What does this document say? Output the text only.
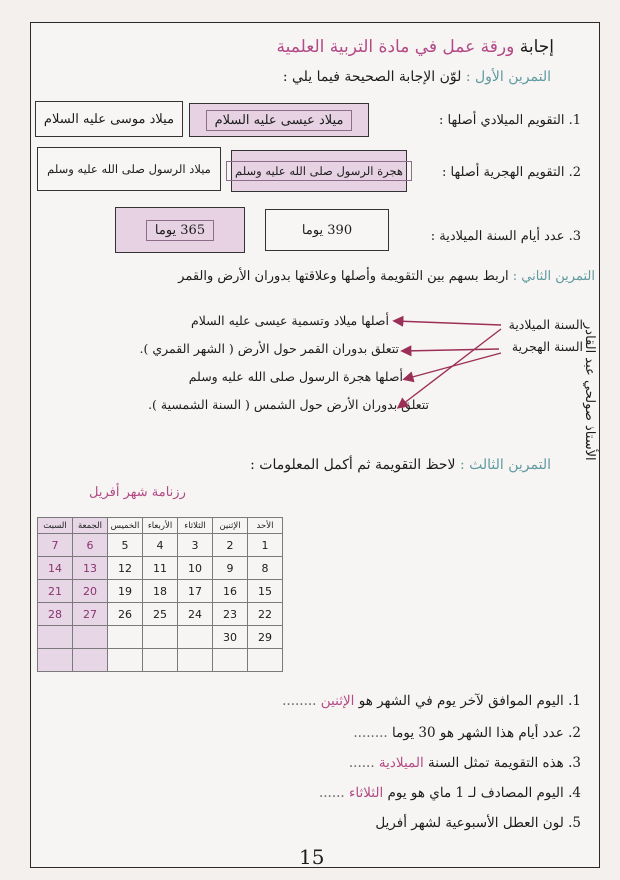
إجابة ورقة عمل في مادة التربية العلمية
التمرين الأول : لوّن الإجابة الصحيحة فيما يلي :
1. التقويم الميلادي أصلها :
ميلاد عيسى عليه السلام
ميلاد موسى عليه السلام
2. التقويم الهجرية أصلها :
هجرة الرسول صلى الله عليه وسلم
ميلاد الرسول صلى الله عليه وسلم
3. عدد أيام السنة الميلادية :
390 يوما
365 يوما
التمرين الثاني : اربط بسهم بين التقويمة وأصلها وعلاقتها بدوران الأرض والقمر
السنة الميلادية
السنة الهجرية
أصلها ميلاد وتسمية عيسى عليه السلام
تتعلق بدوران القمر حول الأرض ( الشهر القمري ).
أصلها هجرة الرسول صلى الله عليه وسلم
تتعلق بدوران الأرض حول الشمس ( السنة الشمسية ).	الأستاذ صولحي عبد القادر
التمرين الثالث : لاحظ التقويمة ثم أكمل المعلومات :
رزنامة شهر أفريل
الأحد	الإثنين	الثلاثاء	الأربعاء	الخميس	الجمعة	السبت
1	2	3	4	5	6	7
8	9	10	11	12	13	14
15	16	17	18	19	20	21
22	23	24	25	26	27	28
29	30					

1. اليوم الموافق لآخر يوم في الشهر هو الإثنين ........
2. عدد أيام هذا الشهر هو 30 يوما ........
3. هذه التقويمة تمثل السنة الميلادية ......
4. اليوم المصادف لـ 1 ماي هو يوم الثلاثاء ......
5. لون العطل الأسبوعية لشهر أفريل
15
